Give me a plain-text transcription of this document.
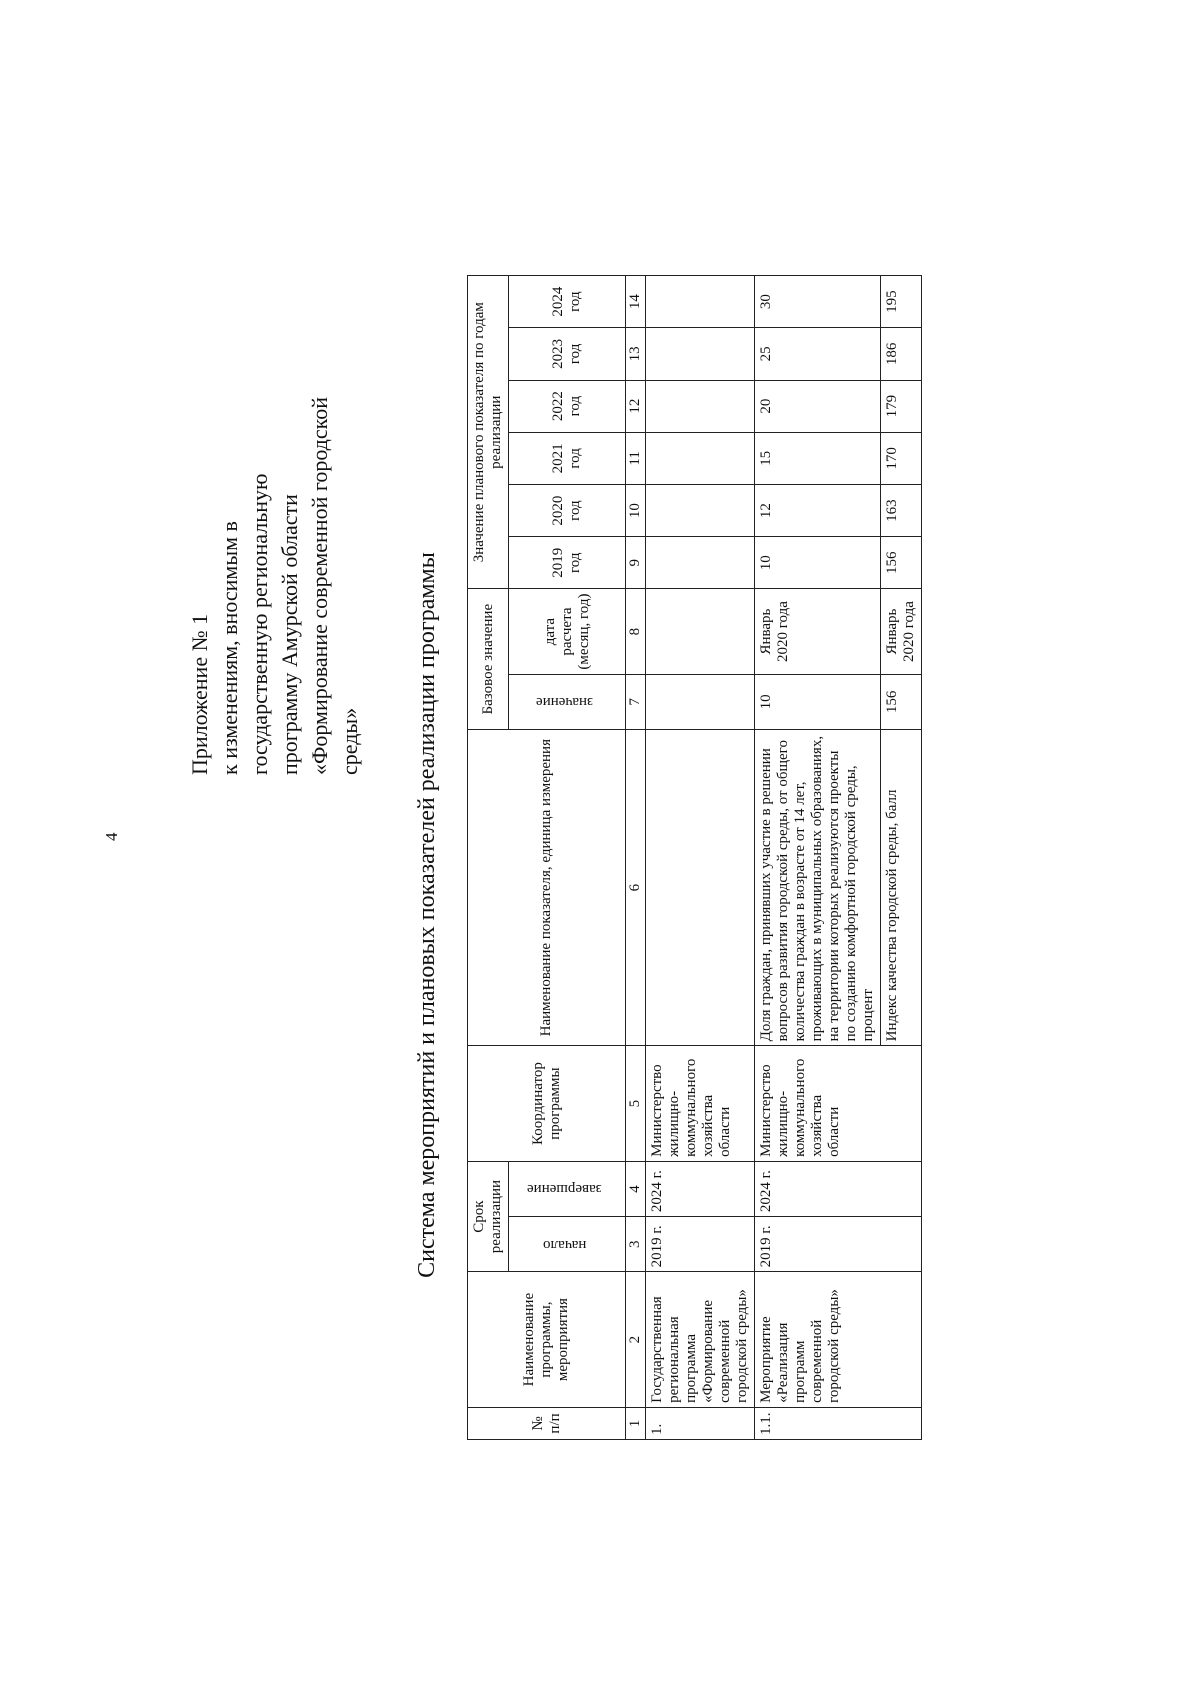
4
Приложение № 1 к изменениям, вносимым в государственную региональную программу Амурской области «Формирование современной городской среды» Система мероприятий и плановых показателей реализации программы
№ п/п	Наименование программы, мероприятия	Срок реализации		Координатор программы	Наименование показателя, единица измерения	Базовое значение		Значение планового показателя по годам реализации					
		начало	завершение			значение	дата расчета (месяц, год)	2019 год	2020 год	2021 год	2022 год	2023 год	2024 год
1	2	3	4	5	6	7	8	9	10	11	12	13	14
1.	Государственная региональная программа «Формирование современной городской среды»	2019 г.	2024 г.	Министерство жилищно-коммунального хозяйства области									
1.1.	Мероприятие «Реализация программ современной городской среды»	2019 г.	2024 г.	Министерство жилищно-коммунального хозяйства области	Доля граждан, принявших участие в решении вопросов развития городской среды, от общего количества граждан в возрасте от 14 лет, проживающих в муниципальных образованиях, на территории которых реализуются проекты по созданию комфортной городской среды, процент	10	Январь 2020 года	10	12	15	20	25	30
					Индекс качества городской среды, балл	156	Январь 2020 года	156	163	170	179	186	195
